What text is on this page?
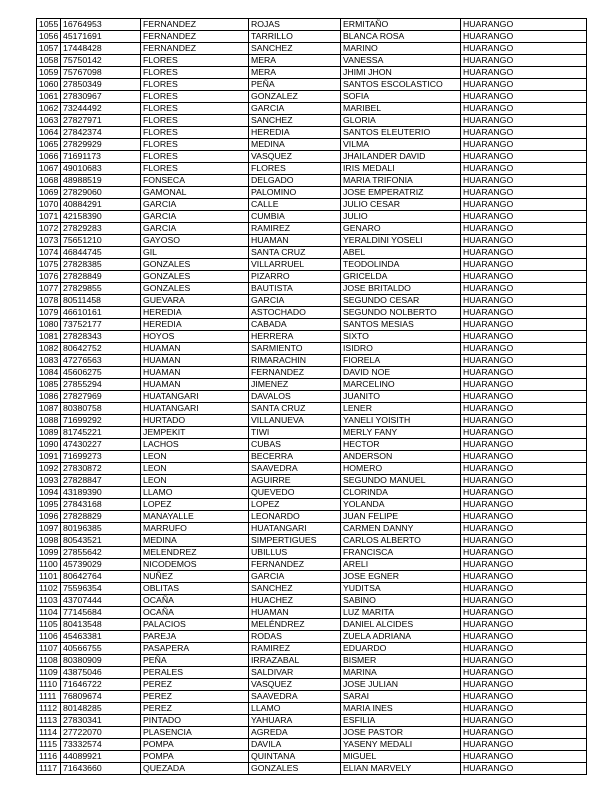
1055	16764953	FERNANDEZ	ROJAS	ERMITAÑO	HUARANGO
1056	45171691	FERNANDEZ	TARRILLO	BLANCA ROSA	HUARANGO
1057	17448428	FERNANDEZ	SANCHEZ	MARINO	HUARANGO
1058	75750142	FLORES	MERA	VANESSA	HUARANGO
1059	75767098	FLORES	MERA	JHIMI JHON	HUARANGO
1060	27850349	FLORES	PEÑA	SANTOS ESCOLASTICO	HUARANGO
1061	27830967	FLORES	GONZALEZ	SOFIA	HUARANGO
1062	73244492	FLORES	GARCIA	MARIBEL	HUARANGO
1063	27827971	FLORES	SANCHEZ	GLORIA	HUARANGO
1064	27842374	FLORES	HEREDIA	SANTOS ELEUTERIO	HUARANGO
1065	27829929	FLORES	MEDINA	VILMA	HUARANGO
1066	71691173	FLORES	VASQUEZ	JHAILANDER DAVID	HUARANGO
1067	49010683	FLORES	FLORES	IRIS MEDALI	HUARANGO
1068	48988519	FONSECA	DELGADO	MARIA TRIFONIA	HUARANGO
1069	27829060	GAMONAL	PALOMINO	JOSE EMPERATRIZ	HUARANGO
1070	40884291	GARCIA	CALLE	JULIO CESAR	HUARANGO
1071	42158390	GARCIA	CUMBIA	JULIO	HUARANGO
1072	27829283	GARCIA	RAMIREZ	GENARO	HUARANGO
1073	75651210	GAYOSO	HUAMAN	YERALDINI YOSELI	HUARANGO
1074	46844745	GIL	SANTA CRUZ	ABEL	HUARANGO
1075	27828385	GONZALES	VILLARRUEL	TEODOLINDA	HUARANGO
1076	27828849	GONZALES	PIZARRO	GRICELDA	HUARANGO
1077	27829855	GONZALES	BAUTISTA	JOSE BRITALDO	HUARANGO
1078	80511458	GUEVARA	GARCIA	SEGUNDO CESAR	HUARANGO
1079	46610161	HEREDIA	ASTOCHADO	SEGUNDO NOLBERTO	HUARANGO
1080	73752177	HEREDIA	CABADA	SANTOS MESIAS	HUARANGO
1081	27828343	HOYOS	HERRERA	SIXTO	HUARANGO
1082	80642752	HUAMAN	SARMIENTO	ISIDRO	HUARANGO
1083	47276563	HUAMAN	RIMARACHIN	FIORELA	HUARANGO
1084	45606275	HUAMAN	FERNANDEZ	DAVID NOE	HUARANGO
1085	27855294	HUAMAN	JIMENEZ	MARCELINO	HUARANGO
1086	27827969	HUATANGARI	DAVALOS	JUANITO	HUARANGO
1087	80380758	HUATANGARI	SANTA CRUZ	LENER	HUARANGO
1088	71699292	HURTADO	VILLANUEVA	YANELI YOISITH	HUARANGO
1089	81745221	JEMPEKIT	TIWI	MERLY FANY	HUARANGO
1090	47430227	LACHOS	CUBAS	HECTOR	HUARANGO
1091	71699273	LEON	BECERRA	ANDERSON	HUARANGO
1092	27830872	LEON	SAAVEDRA	HOMERO	HUARANGO
1093	27828847	LEON	AGUIRRE	SEGUNDO MANUEL	HUARANGO
1094	43189390	LLAMO	QUEVEDO	CLORINDA	HUARANGO
1095	27843168	LOPEZ	LOPEZ	YOLANDA	HUARANGO
1096	27828829	MANAYALLE	LEONARDO	JUAN FELIPE	HUARANGO
1097	80196385	MARRUFO	HUATANGARI	CARMEN DANNY	HUARANGO
1098	80543521	MEDINA	SIMPERTIGUES	CARLOS ALBERTO	HUARANGO
1099	27855642	MELENDREZ	UBILLUS	FRANCISCA	HUARANGO
1100	45739029	NICODEMOS	FERNANDEZ	ARELI	HUARANGO
1101	80642764	NUÑEZ	GARCIA	JOSE EGNER	HUARANGO
1102	75596354	OBLITAS	SANCHEZ	YUDITSA	HUARANGO
1103	43707444	OCAÑA	HUACHEZ	SABINO	HUARANGO
1104	77145684	OCAÑA	HUAMAN	LUZ MARITA	HUARANGO
1105	80413548	PALACIOS	MELÉNDREZ	DANIEL ALCIDES	HUARANGO
1106	45463381	PAREJA	RODAS	ZUELA ADRIANA	HUARANGO
1107	40566755	PASAPERA	RAMIREZ	EDUARDO	HUARANGO
1108	80380909	PEÑA	IRRAZABAL	BISMER	HUARANGO
1109	43875046	PERALES	SALDIVAR	MARINA	HUARANGO
1110	71646722	PEREZ	VASQUEZ	JOSE JULIAN	HUARANGO
1111	76809674	PEREZ	SAAVEDRA	SARAI	HUARANGO
1112	80148285	PEREZ	LLAMO	MARIA INES	HUARANGO
1113	27830341	PINTADO	YAHUARA	ESFILIA	HUARANGO
1114	27722070	PLASENCIA	AGREDA	JOSE PASTOR	HUARANGO
1115	73332574	POMPA	DAVILA	YASENY MEDALI	HUARANGO
1116	44089921	POMPA	QUINTANA	MIGUEL	HUARANGO
1117	71643660	QUEZADA	GONZALES	ELIAN MARVELY	HUARANGO
